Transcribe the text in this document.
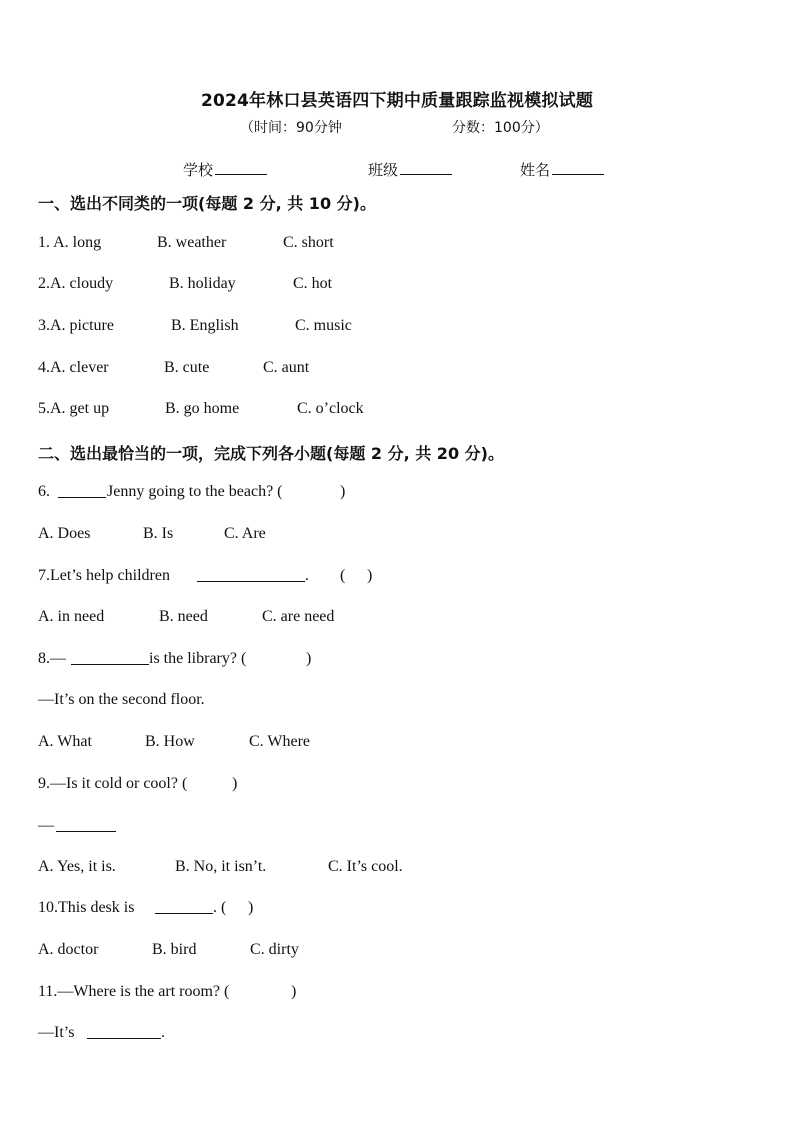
2024年林口县英语四下期中质量跟踪监视模拟试题
（时间：90分钟	分数：100分）
学校	班级	姓名
一、选出不同类的一项(每题 2 分, 共 10 分)。
1. A. long	B. weather	C. short
2.A. cloudy	B. holiday	C. hot
3.A. picture	B. English	C. music
4.A. clever	B. cute	C. aunt
5.A. get up	B. go home	C. o’clock
二、选出最恰当的一项，完成下列各小题(每题 2 分, 共 20 分)。
6.	Jenny going to the beach? (	)
A. Does	B. Is	C. Are
7.Let’s help children	. ( )
A. in need	B. need	C. are need
8.—	is the library? (	)
—It’s on the second floor.
A. What	B. How	C. Where
9.—Is it cold or cool? (	)
—
A. Yes, it is.	B. No, it isn’t.	C. It’s cool.
10.This desk is	. ( )
A. doctor	B. bird	C. dirty
11.—Where is the art room? (	)
—It’s	.
